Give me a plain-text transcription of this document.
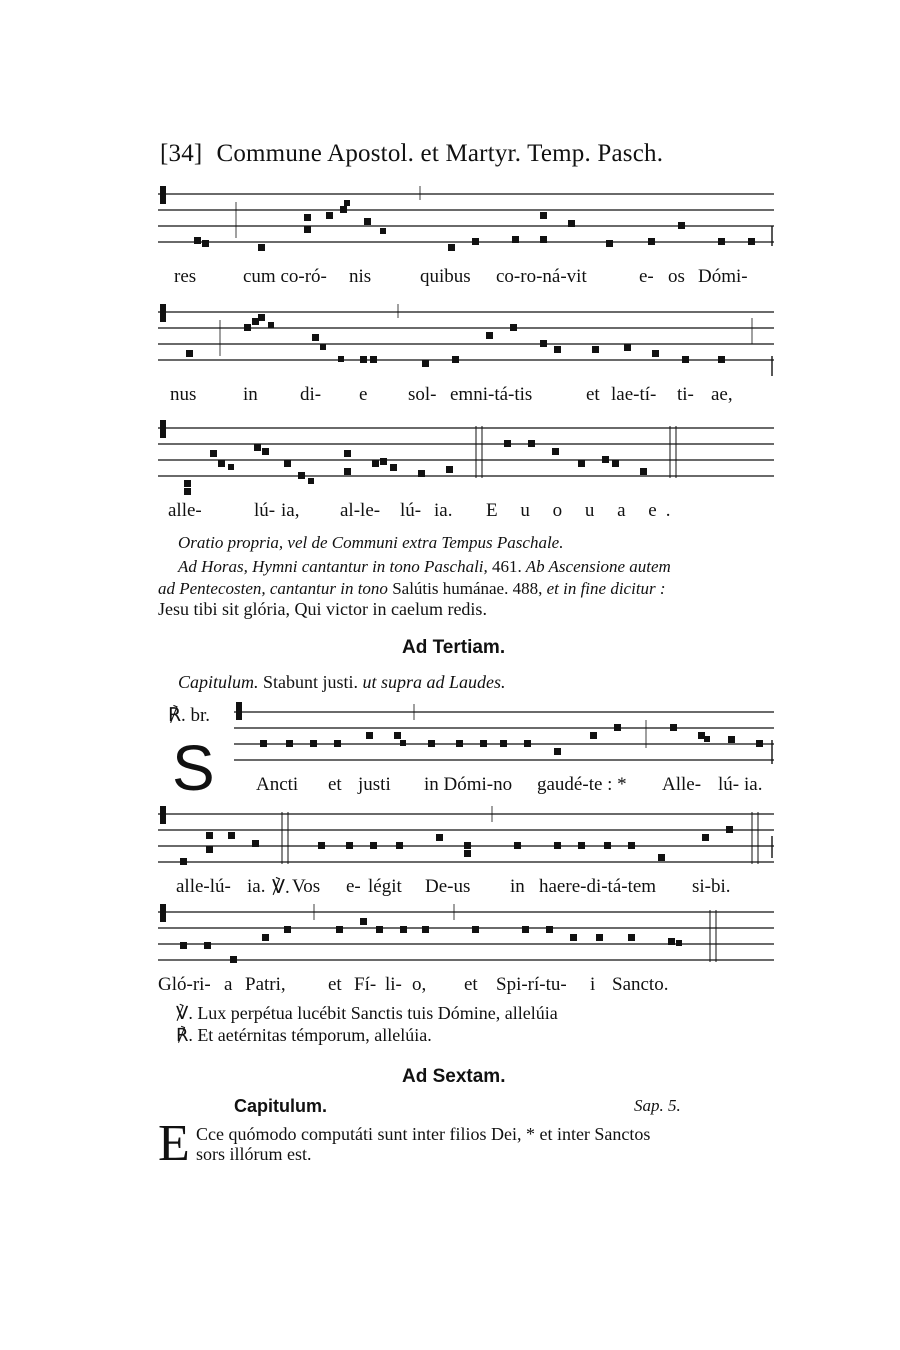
[34] Commune Apostol. et Martyr. Temp. Pasch.
res cum co-ró- nis	quibus co-ro-ná-vit	e- os Dómi-
nus in di- e sol- emni-tá-tis	et lae-tí- ti- ae,
alle-	lú- ia, al-le- lú- ia. E u o u a e.
Oratio propria, vel de Communi extra Tempus Paschale.
Ad Horas, Hymni cantantur in tono Paschali, 461. Ab Ascensione autem
ad Pentecosten, cantantur in tono Salútis humánae. 488, et in fine dicitur :
Jesu tibi sit glória, Qui victor in caelum redis.
Ad Tertiam.
Capitulum. Stabunt justi. ut supra ad Laudes.
℟. br.
S Ancti et justi in Dómi-no gaudé-te : * Alle- lú- ia.
alle-lú- ia. ℣. Vos e- légit De-us in haere-di-tá-tem si-bi.
Gló-ri- a Patri, et Fí- li- o, et Spi-rí-tu- i Sancto.
℣. Lux perpétua lucébit Sanctis tuis Dómine, allelúia
℟. Et aetérnitas témporum, allelúia.
Ad Sextam.
Capitulum.	Sap. 5.
E Cce quómodo computáti sunt inter filios Dei, * et inter Sanctos
sors illórum est.
